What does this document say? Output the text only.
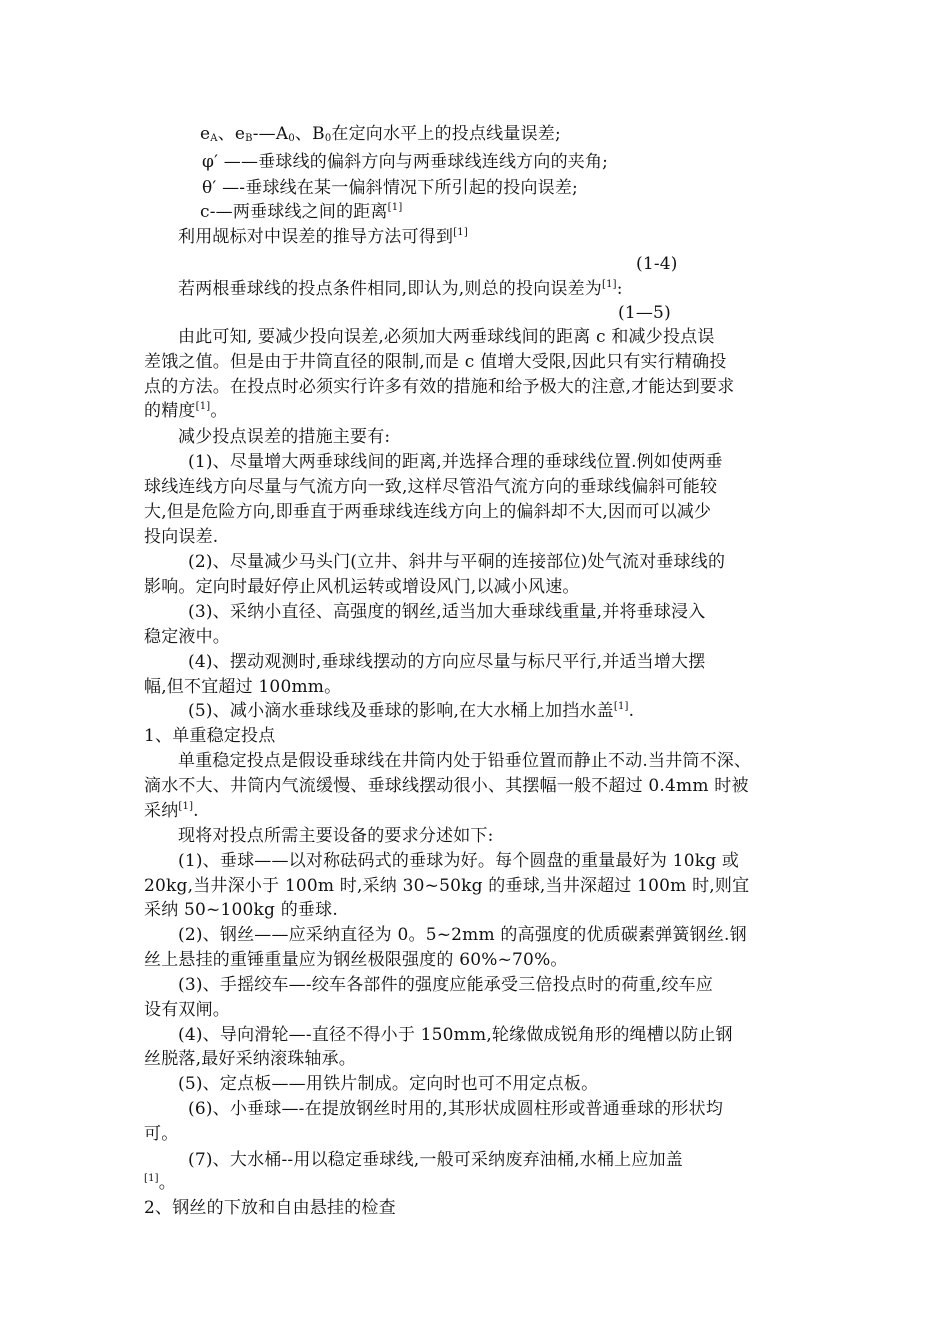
$e_A$、$e_B-—A_0$、$B_0$在定向水平上的投点线量误差;
φ′ ——垂球线的偏斜方向与两垂球线连线方向的夹角;
θ′ —-垂球线在某一偏斜情况下所引起的投向误差;
c-—两垂球线之间的距离[1]
利用觇标对中误差的推导方法可得到[1]
(1-4)
若两根垂球线的投点条件相同,即认为,则总的投向误差为[1]:
(1—5)
由此可知, 要减少投向误差,必须加大两垂球线间的距离 c 和减少投点误
差饿之值。但是由于井筒直径的限制,而是 c 值增大受限,因此只有实行精确投
点的方法。在投点时必须实行许多有效的措施和给予极大的注意,才能达到要求
的精度[1]。
减少投点误差的措施主要有:
(1)、尽量增大两垂球线间的距离,并选择合理的垂球线位置.例如使两垂
球线连线方向尽量与气流方向一致,这样尽管沿气流方向的垂球线偏斜可能较
大,但是危险方向,即垂直于两垂球线连线方向上的偏斜却不大,因而可以减少
投向误差.
(2)、尽量减少马头门(立井、斜井与平硐的连接部位)处气流对垂球线的
影响。定向时最好停止风机运转或增设风门,以减小风速。
(3)、采纳小直径、高强度的钢丝,适当加大垂球线重量,并将垂球浸入
稳定液中。
(4)、摆动观测时,垂球线摆动的方向应尽量与标尺平行,并适当增大摆
幅,但不宜超过 100mm。
(5)、减小滴水垂球线及垂球的影响,在大水桶上加挡水盖[1].
1、单重稳定投点
单重稳定投点是假设垂球线在井筒内处于铅垂位置而静止不动.当井筒不深、
滴水不大、井筒内气流缓慢、垂球线摆动很小、其摆幅一般不超过 0.4mm 时被
采纳[1].
现将对投点所需主要设备的要求分述如下:
(1)、垂球——以对称砝码式的垂球为好。每个圆盘的重量最好为 10kg 或
20kg,当井深小于 100m 时,采纳 30~50kg 的垂球,当井深超过 100m 时,则宜
采纳 50~100kg 的垂球.
(2)、钢丝——应采纳直径为 0。5~2mm 的高强度的优质碳素弹簧钢丝.钢
丝上悬挂的重锤重量应为钢丝极限强度的 60%~70%。
(3)、手摇绞车—-绞车各部件的强度应能承受三倍投点时的荷重,绞车应
设有双闸。
(4)、导向滑轮—-直径不得小于 150mm,轮缘做成锐角形的绳槽以防止钢
丝脱落,最好采纳滚珠轴承。
(5)、定点板——用铁片制成。定向时也可不用定点板。
(6)、小垂球—-在提放钢丝时用的,其形状成圆柱形或普通垂球的形状均
可。
(7)、大水桶--用以稳定垂球线,一般可采纳废弃油桶,水桶上应加盖
[1]。
2、钢丝的下放和自由悬挂的检查
